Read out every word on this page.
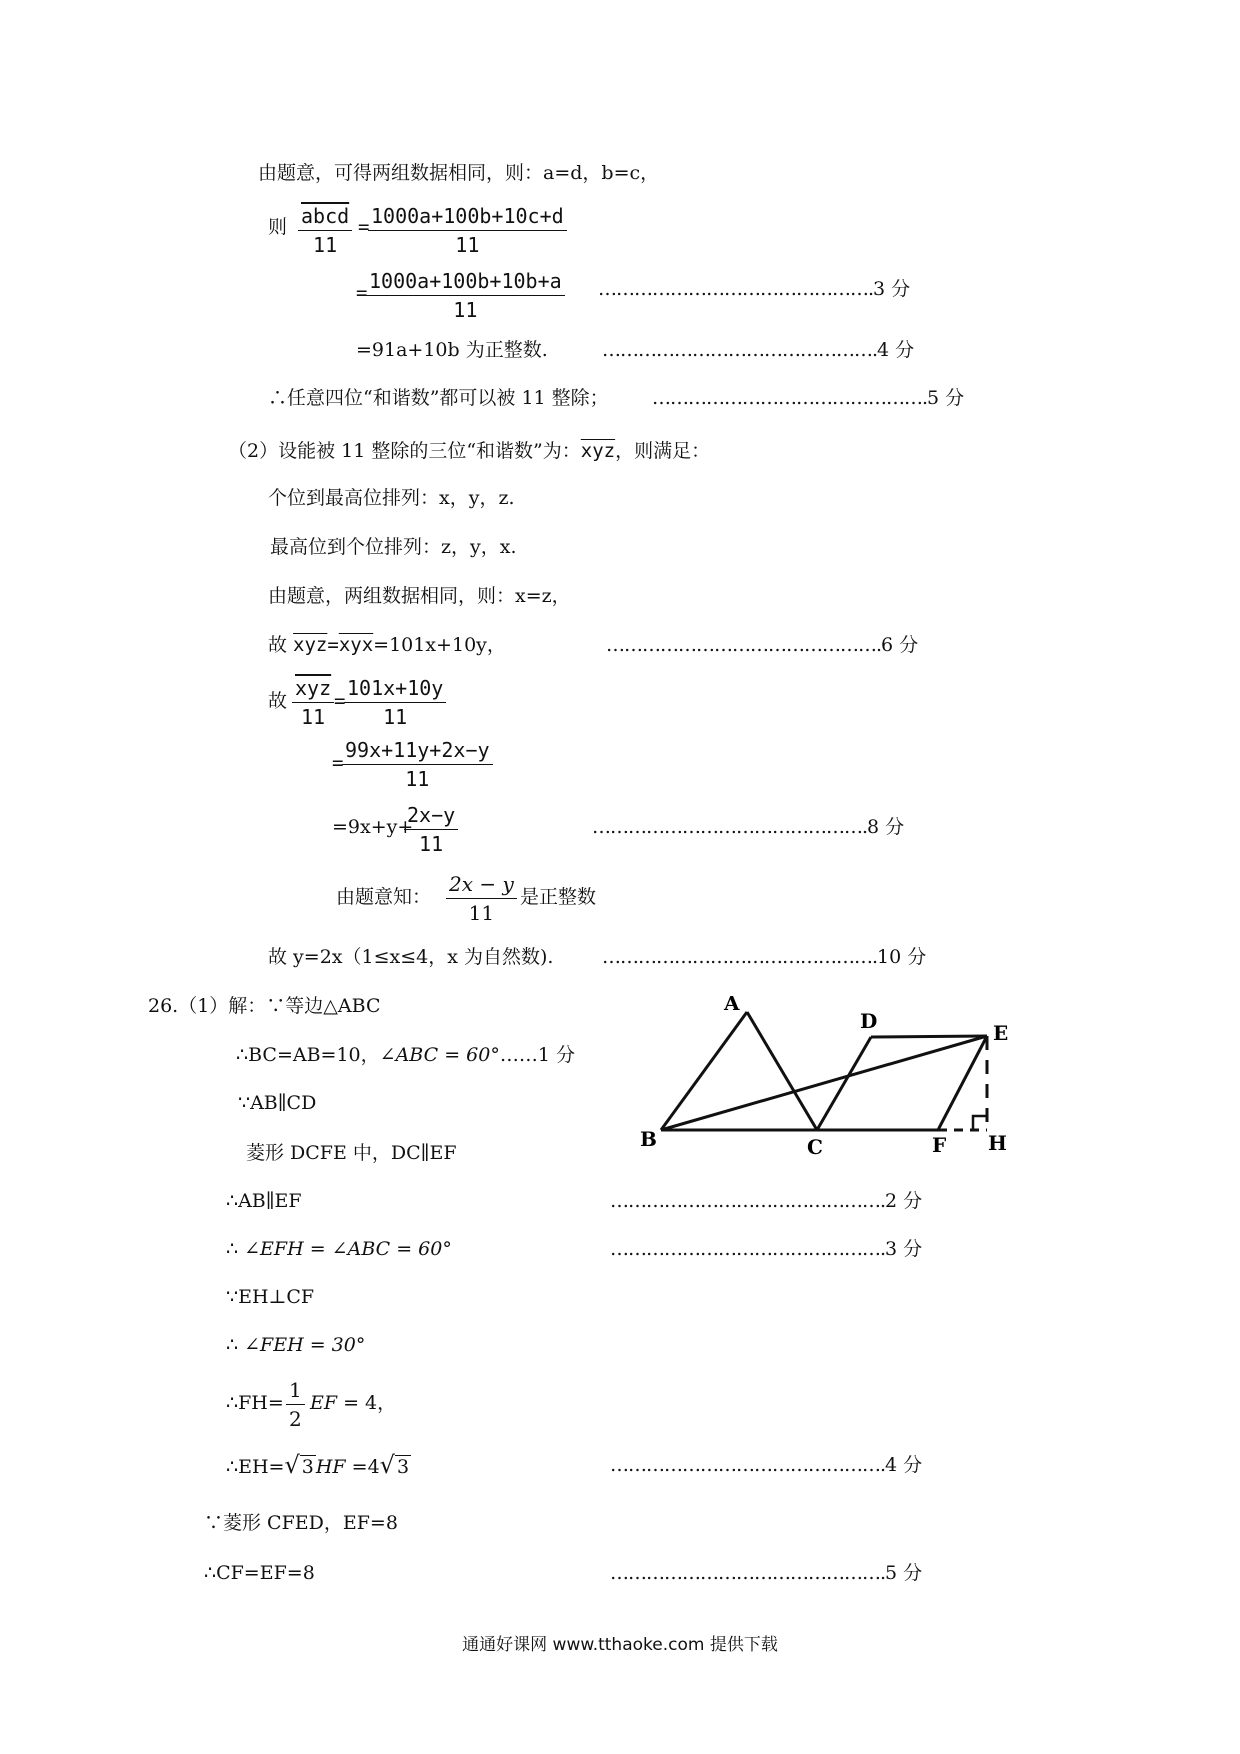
由题意，可得两组数据相同，则：a=d，b=c，
则 abcd
11
=
$\frac{1000a+100b+10c+d}{11}$
=
$\frac{1000a+100b+10b+a}{11}$ ……………………………………….3 分
=91a+10b 为正整数.	……………………………………….4 分
∴任意四位“和谐数”都可以被 11 整除； ……………………………………….5 分
（2）设能被 11 整除的三位“和谐数”为：$\overline{xyz}$，则满足：
个位到最高位排列：x，y，z.
最高位到个位排列：z，y，x.
由题意，两组数据相同，则：x=z，
故 $\overline{xyz}=\overline{xyx}=101x+10y$，	……………………………………….6 分
故
$\overline{xyz}$
11
=
$\frac{101x+10y}{11}$
=
$\frac{99x+11y+2x-y}{11}$
=9x+y+
$\frac{2x-y}{11}$	……………………………………….8 分
由题意知： $\frac{2x - y}{11}$ 是正整数
故 y=2x（1≤x≤4，x 为自然数).	……………………………………….10 分
26.（1）解：∵等边△ABC
∴BC=AB=10，∠ABC = 60°……1 分
∵AB∥CD
菱形 DCFE 中，DC∥EF
∴AB∥EF	……………………………………….2 分
∴ ∠EFH = ∠ABC = 60°	……………………………………….3 分
∵EH⊥CF
∴ ∠FEH = 30°
∴FH= $\frac{1}{2}$ EF = 4，
∴EH=√ 3 HF =4√ 3	……………………………………….4 分
∵菱形 CFED，EF=8
∴CF=EF=8	……………………………………….5 分
A
B	C
D	E
F H
通通好课网 www.tthaoke.com 提供下载
